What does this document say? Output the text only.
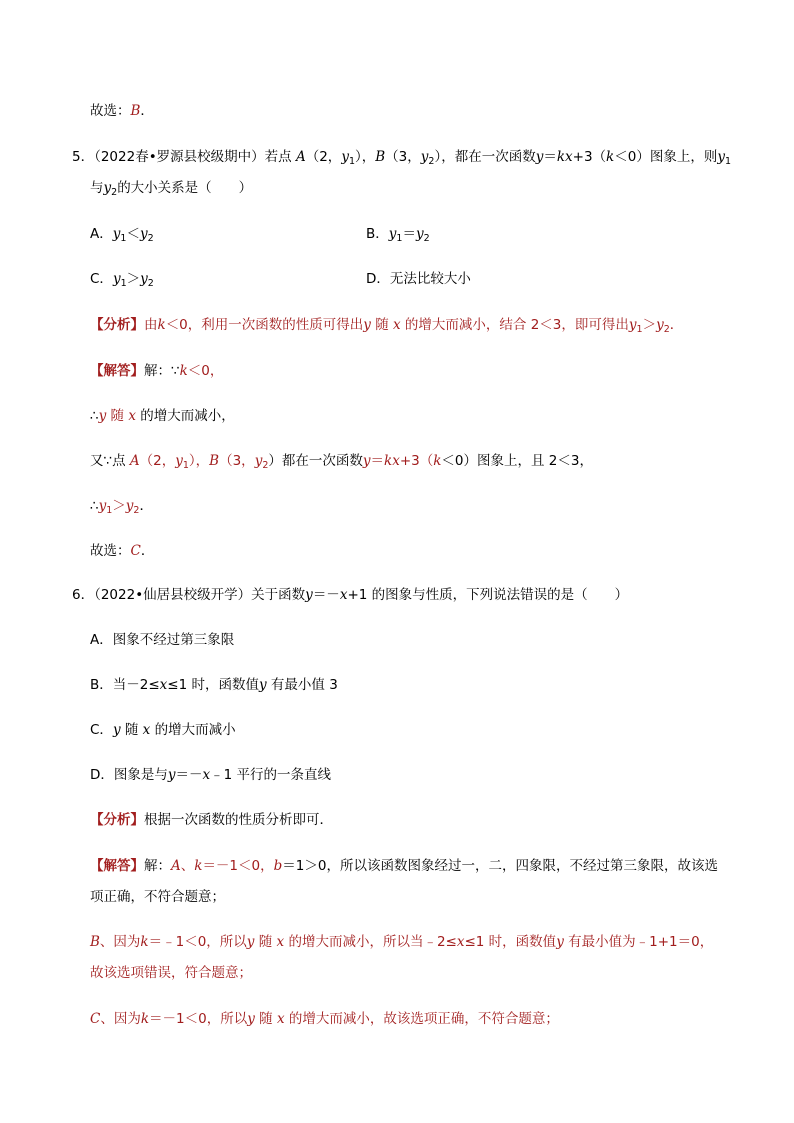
故选：B．
5．（2022春•罗源县校级期中）若点 A（2，$y_1$），B（3，$y_2$），都在一次函数y＝kx+3（k＜0）图象上，则$y_1$
与$y_2$的大小关系是（　　）
A．$y_1<y_2$	B．$y_1=y_2$
C．$y_1>y_2$	D．无法比较大小
【分析】由k＜0，利用一次函数的性质可得出y 随 x 的增大而减小，结合 2＜3，即可得出$y_1>y_2$．
【解答】解：∵k＜0，
∴y 随 x 的增大而减小，
又∵点 A（2，$y_1$），B（3，$y_2$）都在一次函数y＝kx+3（k＜0）图象上，且 2＜3，
$\therefore y_1>y_2$．
故选：C．
6．（2022•仙居县校级开学）关于函数y＝－x+1 的图象与性质，下列说法错误的是（　　）
A．图象不经过第三象限
B．当－2≤x≤1 时，函数值y 有最小值 3
C．y 随 x 的增大而减小
D．图象是与y＝－x﹣1 平行的一条直线
【分析】根据一次函数的性质分析即可．
【解答】解：A、k＝－1＜0，b＝1＞0，所以该函数图象经过一，二，四象限，不经过第三象限，故该选
项正确，不符合题意；
B、因为k＝﹣1＜0，所以y 随 x 的增大而减小，所以当﹣2≤x≤1 时，函数值y 有最小值为﹣1+1＝0，
故该选项错误，符合题意；
C、因为k＝－1＜0，所以y 随 x 的增大而减小，故该选项正确，不符合题意；
